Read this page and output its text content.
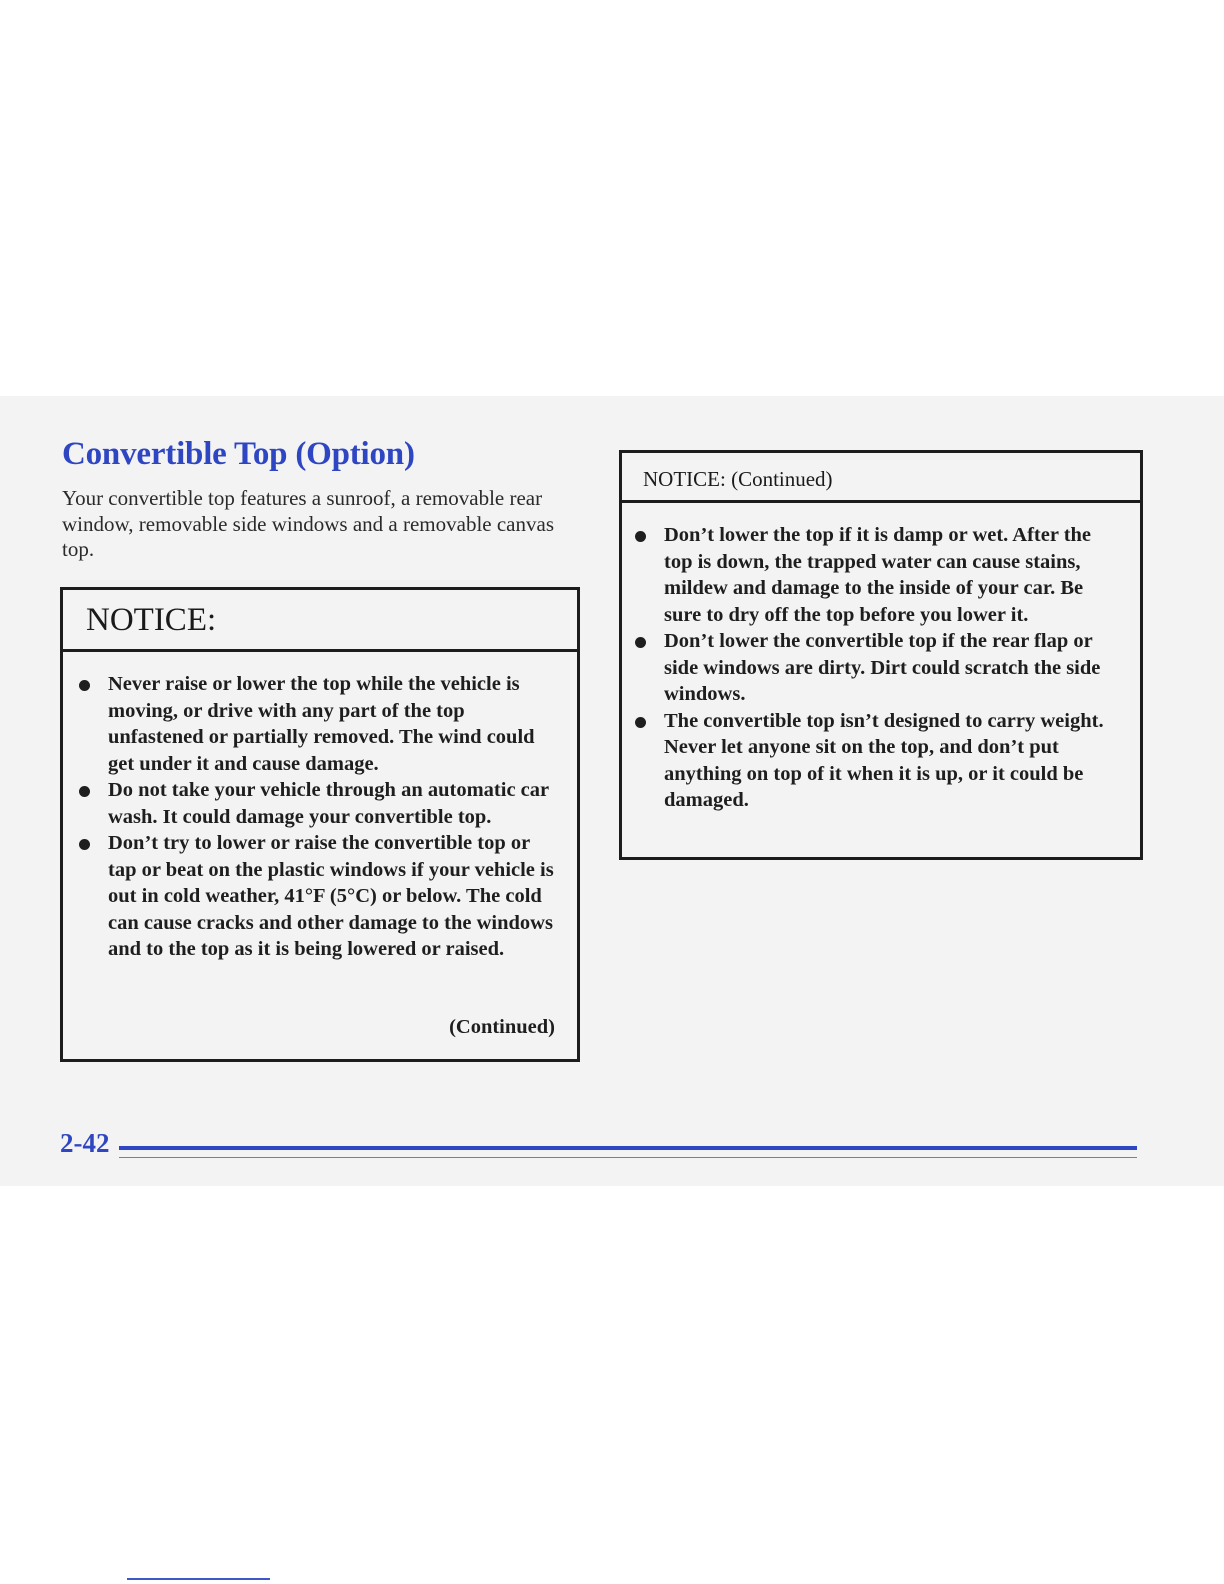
Convertible Top (Option)

Your convertible top features a sunroof, a removable rear window, removable side windows and a removable canvas top.

NOTICE:
Never raise or lower the top while the vehicle is moving, or drive with any part of the top unfastened or partially removed. The wind could get under it and cause damage.
Do not take your vehicle through an automatic car wash. It could damage your convertible top.
Don’t try to lower or raise the convertible top or tap or beat on the plastic windows if your vehicle is out in cold weather, 41°F (5°C) or below. The cold can cause cracks and other damage to the windows and to the top as it is being lowered or raised.
(Continued)
NOTICE: (Continued)
Don’t lower the top if it is damp or wet. After the top is down, the trapped water can cause stains, mildew and damage to the inside of your car. Be sure to dry off the top before you lower it.
Don’t lower the convertible top if the rear flap or side windows are dirty. Dirt could scratch the side windows.
The convertible top isn’t designed to carry weight. Never let anyone sit on the top, and don’t put anything on top of it when it is up, or it could be damaged.
2-42
